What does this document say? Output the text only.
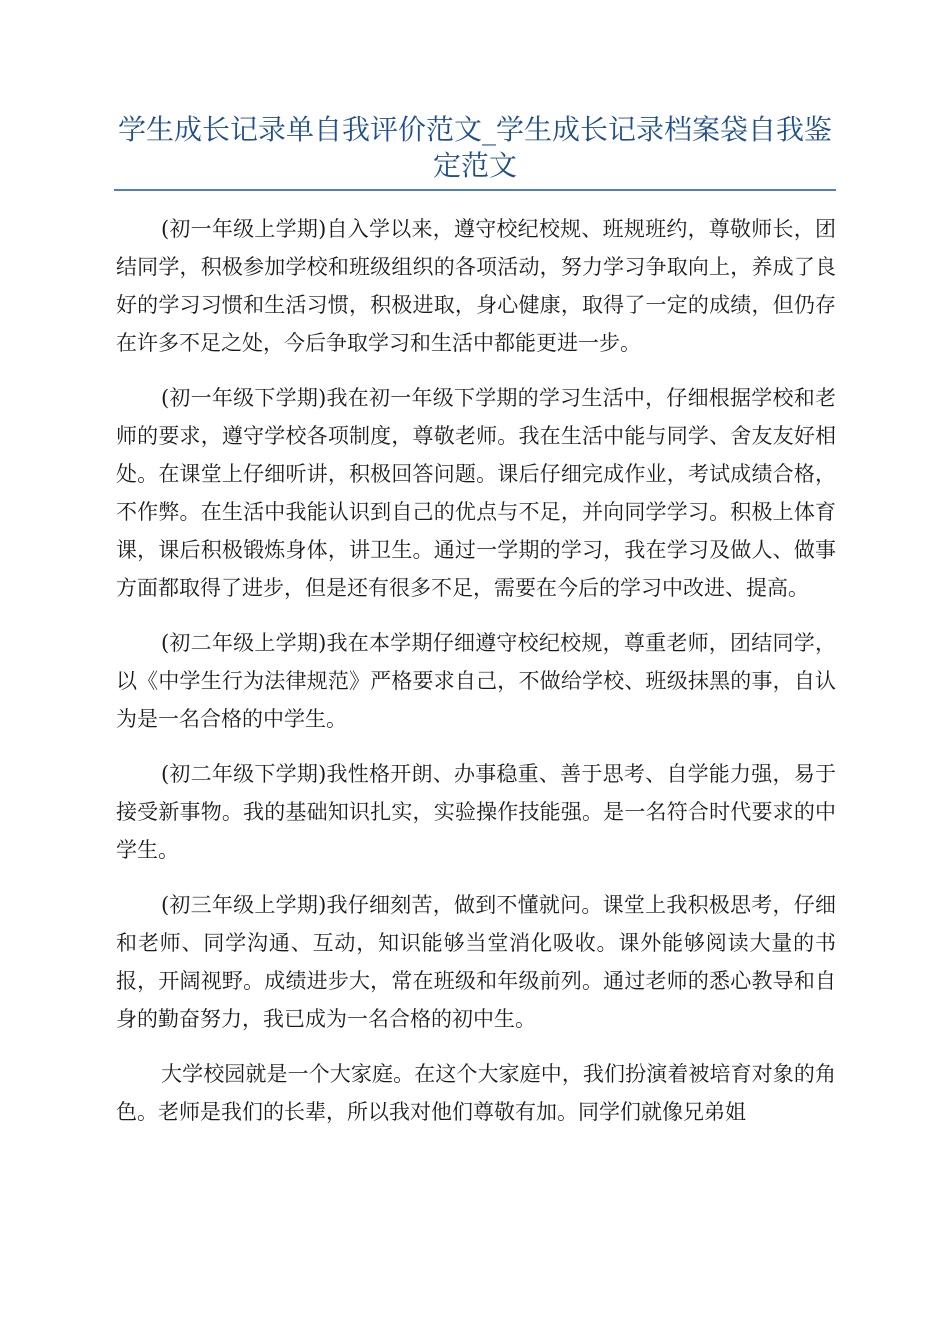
学生成长记录单自我评价范文_学生成长记录档案袋自我鉴定范文

(初一年级上学期)自入学以来，遵守校纪校规、班规班约，尊敬师长，团结同学，积极参加学校和班级组织的各项活动，努力学习争取向上，养成了良好的学习习惯和生活习惯，积极进取，身心健康，取得了一定的成绩，但仍存在许多不足之处，今后争取学习和生活中都能更进一步。

(初一年级下学期)我在初一年级下学期的学习生活中，仔细根据学校和老师的要求，遵守学校各项制度，尊敬老师。我在生活中能与同学、舍友友好相处。在课堂上仔细听讲，积极回答问题。课后仔细完成作业，考试成绩合格，不作弊。在生活中我能认识到自己的优点与不足，并向同学学习。积极上体育课，课后积极锻炼身体，讲卫生。通过一学期的学习，我在学习及做人、做事方面都取得了进步，但是还有很多不足，需要在今后的学习中改进、提高。

(初二年级上学期)我在本学期仔细遵守校纪校规，尊重老师，团结同学，以《中学生行为法律规范》严格要求自己，不做给学校、班级抹黑的事，自认为是一名合格的中学生。

(初二年级下学期)我性格开朗、办事稳重、善于思考、自学能力强，易于接受新事物。我的基础知识扎实，实验操作技能强。是一名符合时代要求的中学生。

(初三年级上学期)我仔细刻苦，做到不懂就问。课堂上我积极思考，仔细和老师、同学沟通、互动，知识能够当堂消化吸收。课外能够阅读大量的书报，开阔视野。成绩进步大，常在班级和年级前列。通过老师的悉心教导和自身的勤奋努力，我已成为一名合格的初中生。

大学校园就是一个大家庭。在这个大家庭中，我们扮演着被培育对象的角色。老师是我们的长辈，所以我对他们尊敬有加。同学们就像兄弟姐
